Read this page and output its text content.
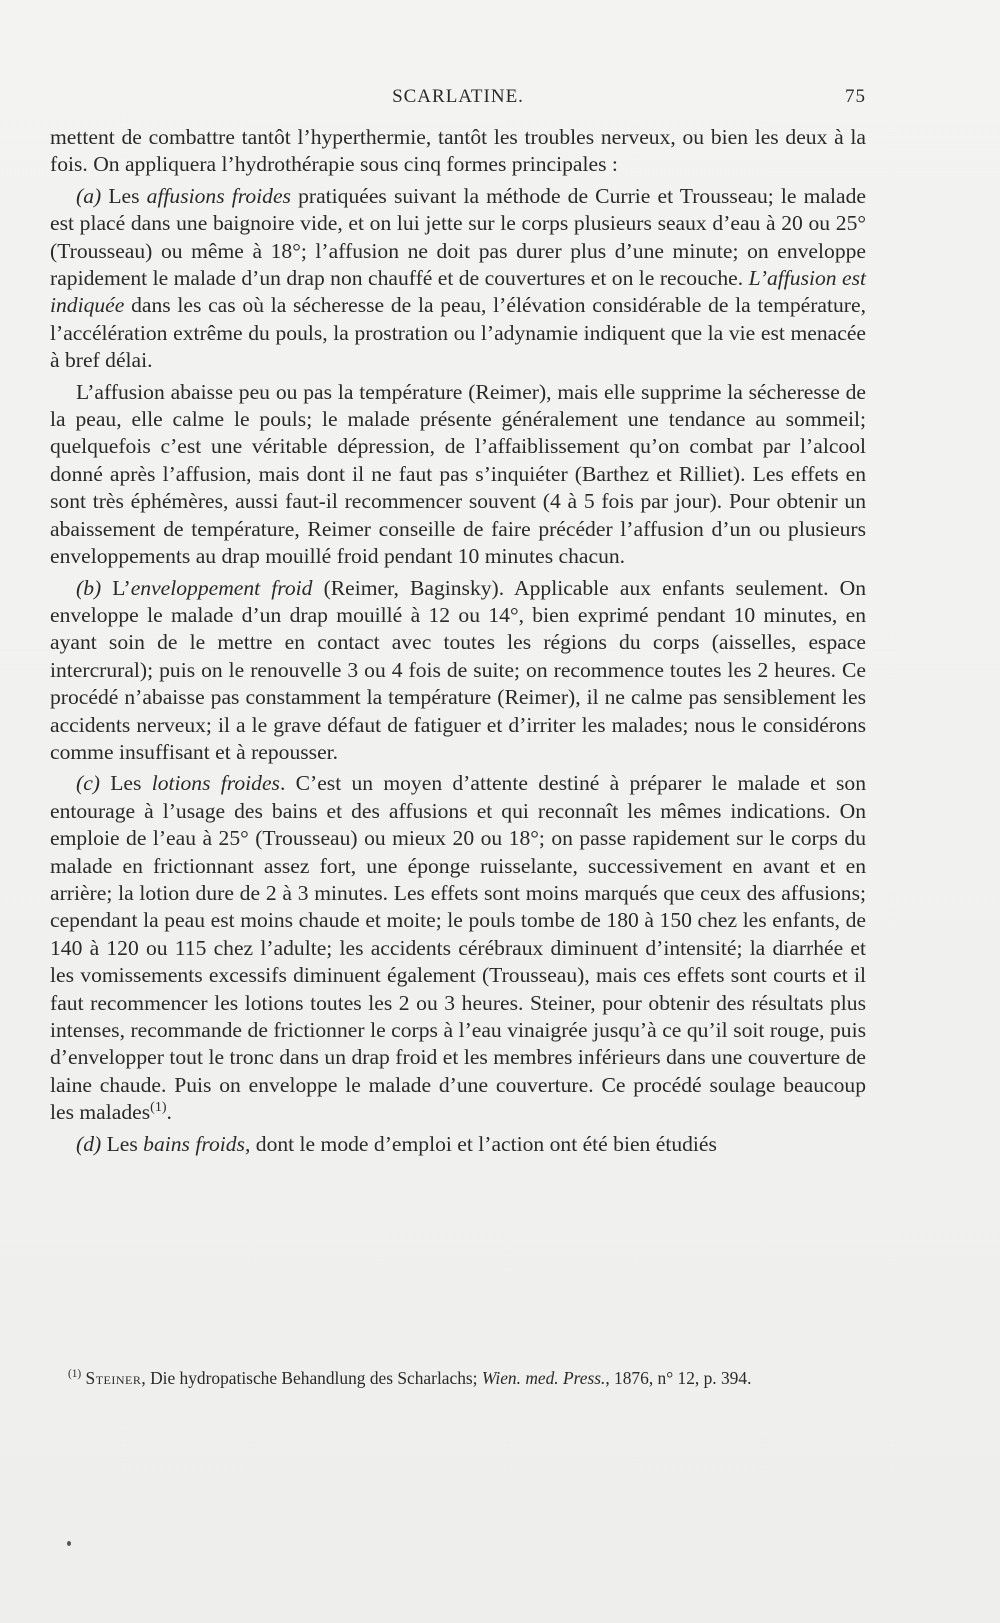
SCARLATINE.	75

mettent de combattre tantôt l’hyperthermie, tantôt les troubles nerveux, ou bien les deux à la fois. On appliquera l’hydrothérapie sous cinq formes principales :

(a) Les affusions froides pratiquées suivant la méthode de Currie et Trousseau; le malade est placé dans une baignoire vide, et on lui jette sur le corps plusieurs seaux d’eau à 20 ou 25° (Trousseau) ou même à 18°; l’affusion ne doit pas durer plus d’une minute; on enveloppe rapidement le malade d’un drap non chauffé et de couvertures et on le recouche. L’affusion est indiquée dans les cas où la sécheresse de la peau, l’élévation considérable de la température, l’accélération extrême du pouls, la prostration ou l’adynamie indiquent que la vie est menacée à bref délai.

L’affusion abaisse peu ou pas la température (Reimer), mais elle supprime la sécheresse de la peau, elle calme le pouls; le malade présente généralement une tendance au sommeil; quelquefois c’est une véritable dépression, de l’affaiblissement qu’on combat par l’alcool donné après l’affusion, mais dont il ne faut pas s’inquiéter (Barthez et Rilliet). Les effets en sont très éphémères, aussi faut-il recommencer souvent (4 à 5 fois par jour). Pour obtenir un abaissement de température, Reimer conseille de faire précéder l’affusion d’un ou plusieurs enveloppements au drap mouillé froid pendant 10 minutes chacun.

(b) L’enveloppement froid (Reimer, Baginsky). Applicable aux enfants seulement. On enveloppe le malade d’un drap mouillé à 12 ou 14°, bien exprimé pendant 10 minutes, en ayant soin de le mettre en contact avec toutes les régions du corps (aisselles, espace intercrural); puis on le renouvelle 3 ou 4 fois de suite; on recommence toutes les 2 heures. Ce procédé n’abaisse pas constamment la température (Reimer), il ne calme pas sensiblement les accidents nerveux; il a le grave défaut de fatiguer et d’irriter les malades; nous le considérons comme insuffisant et à repousser.

(c) Les lotions froides. C’est un moyen d’attente destiné à préparer le malade et son entourage à l’usage des bains et des affusions et qui reconnaît les mêmes indications. On emploie de l’eau à 25° (Trousseau) ou mieux 20 ou 18°; on passe rapidement sur le corps du malade en frictionnant assez fort, une éponge ruisselante, successivement en avant et en arrière; la lotion dure de 2 à 3 minutes. Les effets sont moins marqués que ceux des affusions; cependant la peau est moins chaude et moite; le pouls tombe de 180 à 150 chez les enfants, de 140 à 120 ou 115 chez l’adulte; les accidents cérébraux diminuent d’intensité; la diarrhée et les vomissements excessifs diminuent également (Trousseau), mais ces effets sont courts et il faut recommencer les lotions toutes les 2 ou 3 heures. Steiner, pour obtenir des résultats plus intenses, recommande de frictionner le corps à l’eau vinaigrée jusqu’à ce qu’il soit rouge, puis d’envelopper tout le tronc dans un drap froid et les membres inférieurs dans une couverture de laine chaude. Puis on enveloppe le malade d’une couverture. Ce procédé soulage beaucoup les malades$^{(1)}$.

(d) Les bains froids, dont le mode d’emploi et l’action ont été bien étudiés

$^{(1)}$ Steiner, Die hydropatische Behandlung des Scharlachs; Wien. med. Press., 1876, n° 12, p. 394.
